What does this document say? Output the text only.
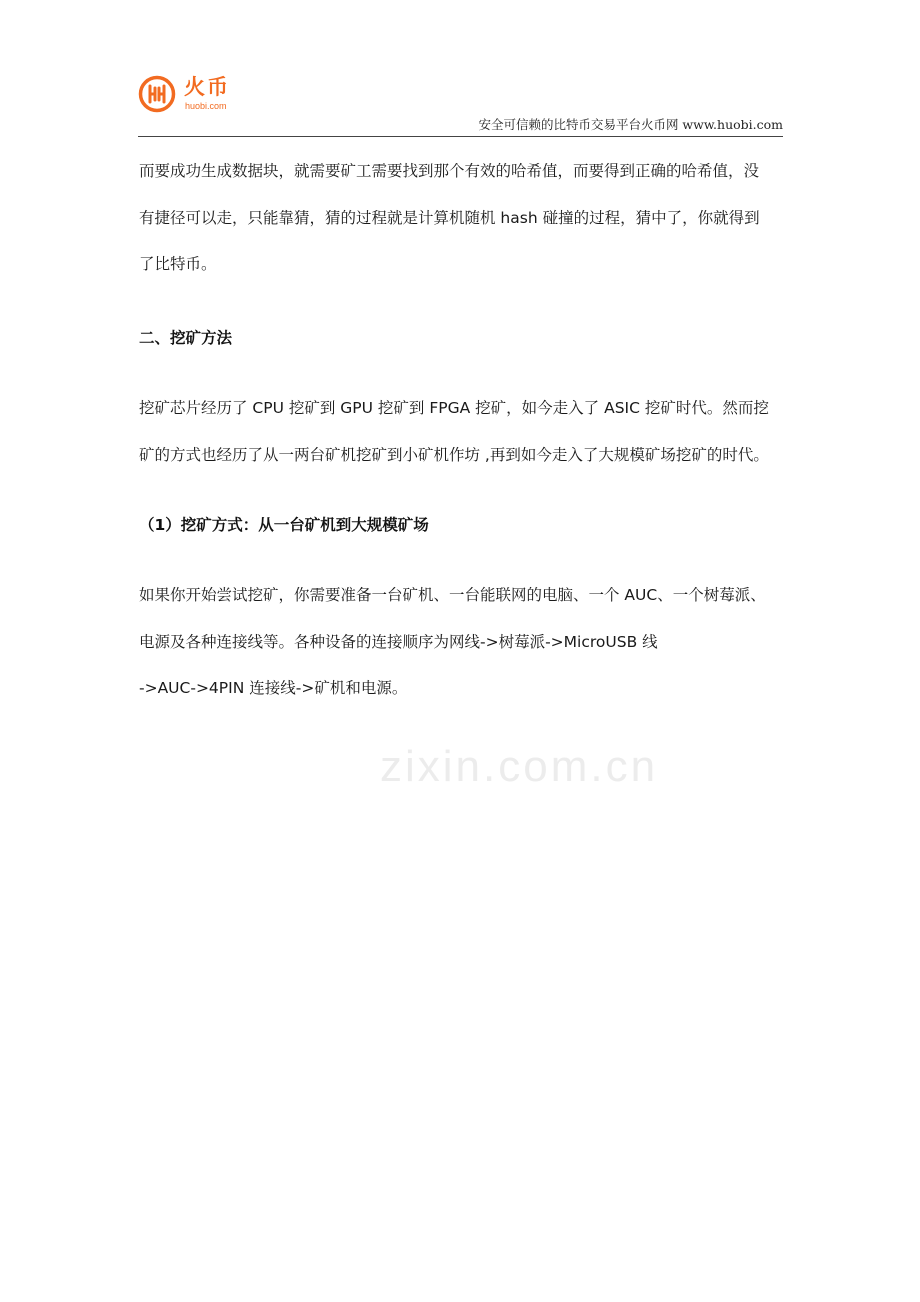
火币
huobi.com
安全可信赖的比特币交易平台火币网 www.huobi.com
而要成功生成数据块，就需要矿工需要找到那个有效的哈希值，而要得到正确的哈希值，没
有捷径可以走，只能靠猜，猜的过程就是计算机随机 hash 碰撞的过程，猜中了，你就得到
了比特币。
二、挖矿方法
挖矿芯片经历了 CPU 挖矿到 GPU 挖矿到 FPGA 挖矿，如今走入了 ASIC 挖矿时代。然而挖
矿的方式也经历了从一两台矿机挖矿到小矿机作坊 ,再到如今走入了大规模矿场挖矿的时代。
（1）挖矿方式：从一台矿机到大规模矿场
如果你开始尝试挖矿，你需要准备一台矿机、一台能联网的电脑、一个 AUC、一个树莓派、
电源及各种连接线等。各种设备的连接顺序为网线->树莓派->MicroUSB 线
->AUC->4PIN 连接线->矿机和电源。
zixin.com.cn
